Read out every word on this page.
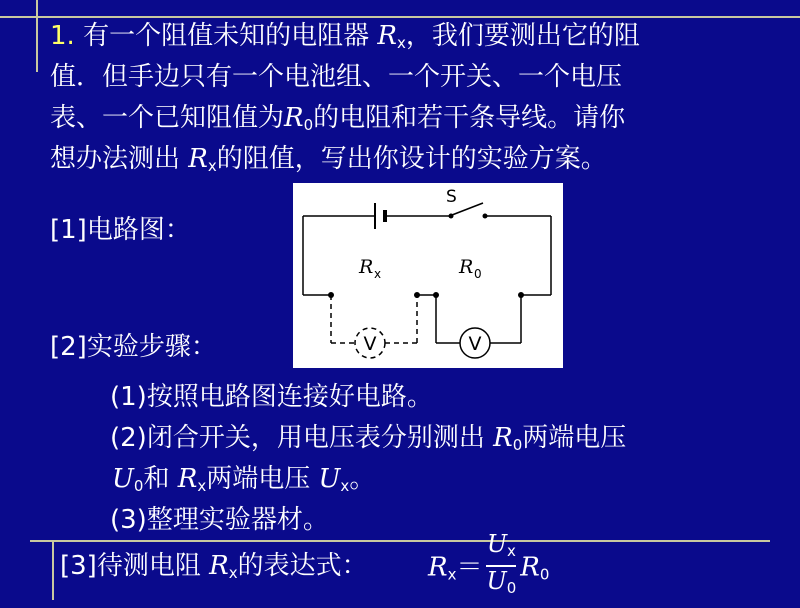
1. 有一个阻值未知的电阻器 $R_x$，我们要测出它的阻
值．但手边只有一个电池组、一个开关、一个电压
表、一个已知阻值为$R_0$的电阻和若干条导线。请你
想办法测出 $R_x$的阻值，写出你设计的实验方案。
[1]电路图：
[2]实验步骤：
S
R x	R 0
V	V
(1)按照电路图连接好电路。
(2)闭合开关，用电压表分别测出 $R_0$两端电压
$U_0$和 $R_x$两端电压 $U_x$。
(3)整理实验器材。
[3]待测电阻 $R_x$的表达式： $R_x= \frac{U_x}{U_0} R_0$
